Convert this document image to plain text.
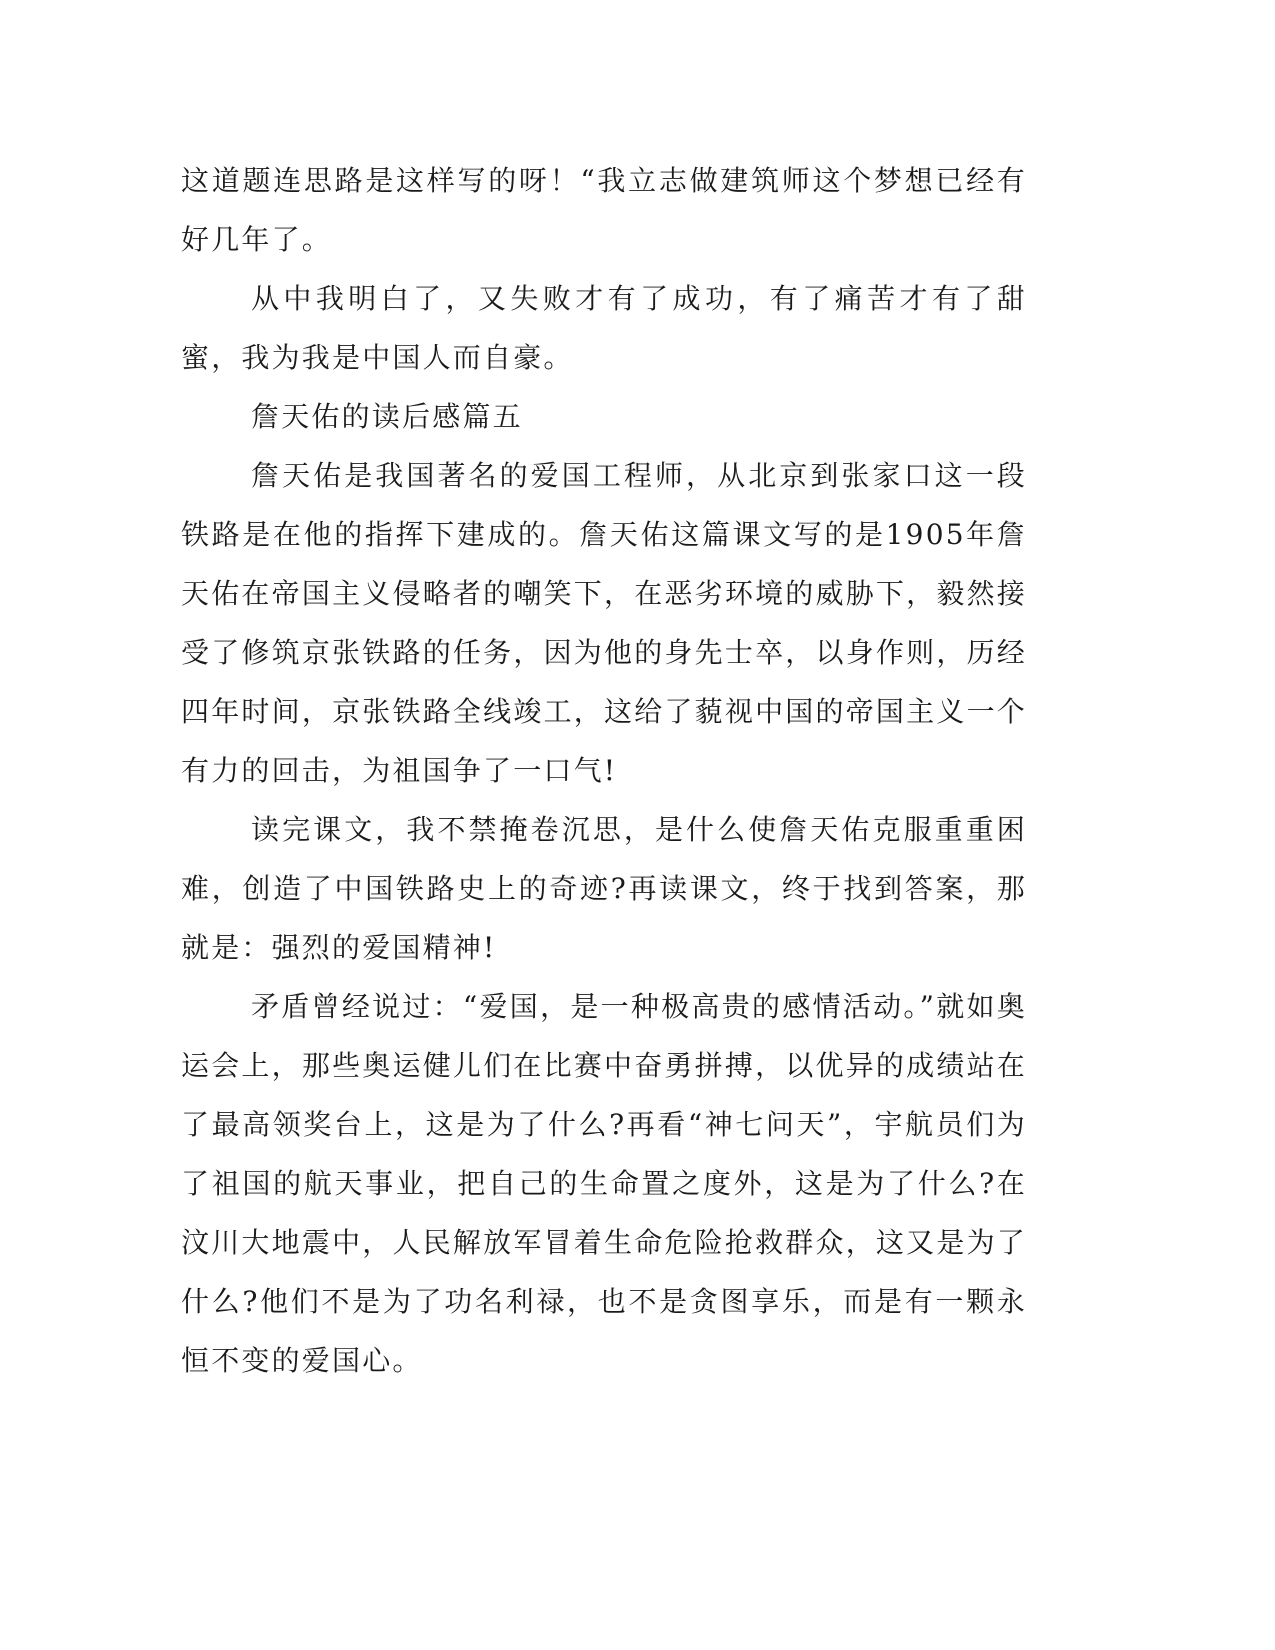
这道题连思路是这样写的呀！“我立志做建筑师这个梦想已经有好几年了。

从中我明白了，又失败才有了成功，有了痛苦才有了甜蜜，我为我是中国人而自豪。

詹天佑的读后感篇五

詹天佑是我国著名的爱国工程师，从北京到张家口这一段铁路是在他的指挥下建成的。詹天佑这篇课文写的是1905年詹天佑在帝国主义侵略者的嘲笑下，在恶劣环境的威胁下，毅然接受了修筑京张铁路的任务，因为他的身先士卒，以身作则，历经四年时间，京张铁路全线竣工，这给了藐视中国的帝国主义一个有力的回击，为祖国争了一口气!

读完课文，我不禁掩卷沉思，是什么使詹天佑克服重重困难，创造了中国铁路史上的奇迹?再读课文，终于找到答案，那就是：强烈的爱国精神!

矛盾曾经说过：“爱国，是一种极高贵的感情活动。”就如奥运会上，那些奥运健儿们在比赛中奋勇拼搏，以优异的成绩站在了最高领奖台上，这是为了什么?再看“神七问天”，宇航员们为了祖国的航天事业，把自己的生命置之度外，这是为了什么?在汶川大地震中，人民解放军冒着生命危险抢救群众，这又是为了什么?他们不是为了功名利禄，也不是贪图享乐，而是有一颗永恒不变的爱国心。
